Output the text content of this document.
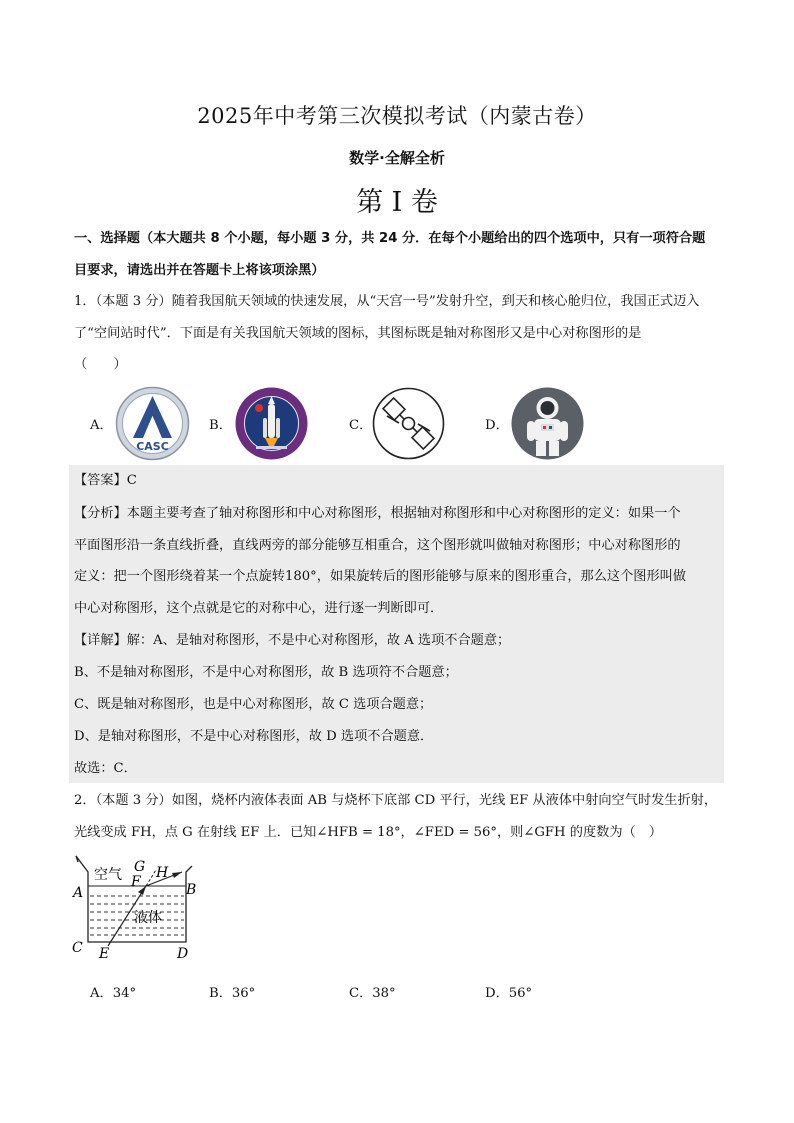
2025年中考第三次模拟考试（内蒙古卷）
数学·全解全析
第 I 卷
一、选择题（本大题共 8 个小题，每小题 3 分，共 24 分．在每个小题给出的四个选项中，只有一项符合题
目要求，请选出并在答题卡上将该项涂黑）
1．（本题 3 分）随着我国航天领域的快速发展，从“天宫一号”发射升空，到天和核心舱归位，我国正式迈入
了“空间站时代”．下面是有关我国航天领域的图标，其图标既是轴对称图形又是中心对称图形的是
（　　）
A．
CASC
B．	C．	D．
【答案】C
【分析】本题主要考查了轴对称图形和中心对称图形，根据轴对称图形和中心对称图形的定义：如果一个
平面图形沿一条直线折叠，直线两旁的部分能够互相重合，这个图形就叫做轴对称图形；中心对称图形的
定义：把一个图形绕着某一个点旋转180°，如果旋转后的图形能够与原来的图形重合，那么这个图形叫做
中心对称图形，这个点就是它的对称中心，进行逐一判断即可．
【详解】解：A、是轴对称图形，不是中心对称图形，故 A 选项不合题意；
B、不是轴对称图形，不是中心对称图形，故 B 选项符不合题意；
C、既是轴对称图形，也是中心对称图形，故 C 选项合题意；
D、是轴对称图形，不是中心对称图形，故 D 选项不合题意．
故选：C．
2．（本题 3 分）如图，烧杯内液体表面 AB 与烧杯下底部 CD 平行，光线 EF 从液体中射向空气时发生折射，
光线变成 FH，点 G 在射线 EF 上．已知∠HFB = 18°，∠FED = 56°，则∠GFH 的度数为（　）
空气
液体
A	B
C	D
E
F
G H
A．34°	B．36°	C．38°	D．56°
